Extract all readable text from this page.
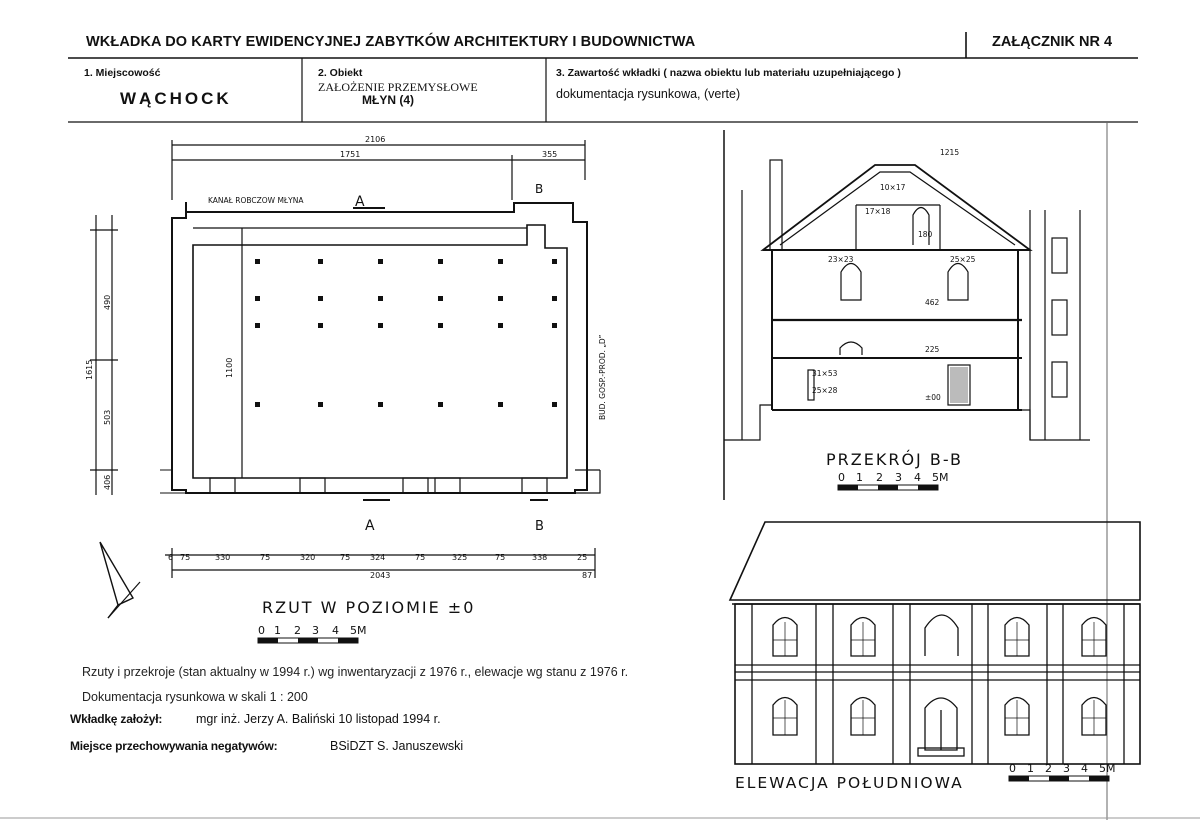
WKŁADKA DO KARTY EWIDENCYJNEJ ZABYTKÓW ARCHITEKTURY I BUDOWNICTWA	ZAŁĄCZNIK NR 4
1. Miejscowość
WĄCHOCK
2. Obiekt
ZAŁOŻENIE PRZEMYSŁOWE
MŁYN (4)
3. Zawartość wkładki ( nazwa obiektu lub materiału uzupełniającego )
dokumentacja rysunkowa, (verte)
2106
1751	355
KANAŁ ROBCZOW MŁYNA
1100
1615
490
503
406
BUD. GOSP.-PROD. „D”
2043	87
6 75	330	75	320	75 324	75	325	75	338	25
A
B
A	B
RZUT W POZIOMIE ±0
0 1 2 3 4 5M
1215
10×17
17×18
180
23×23	25×25
462
225
31×53
25×28
±00
PRZEKRÓJ B-B
0 1 2 3 4 5M
ELEWACJA POŁUDNIOWA
0 1 2 3 4 5M
Rzuty i przekroje (stan aktualny w 1994 r.) wg inwentaryzacji z 1976 r., elewacje wg stanu z 1976 r.
Dokumentacja rysunkowa w skali 1 : 200
Wkładkę założył:	mgr inż. Jerzy A. Baliński 10 listopad 1994 r.
Miejsce przechowywania negatywów:	BSiDZT S. Januszewski
